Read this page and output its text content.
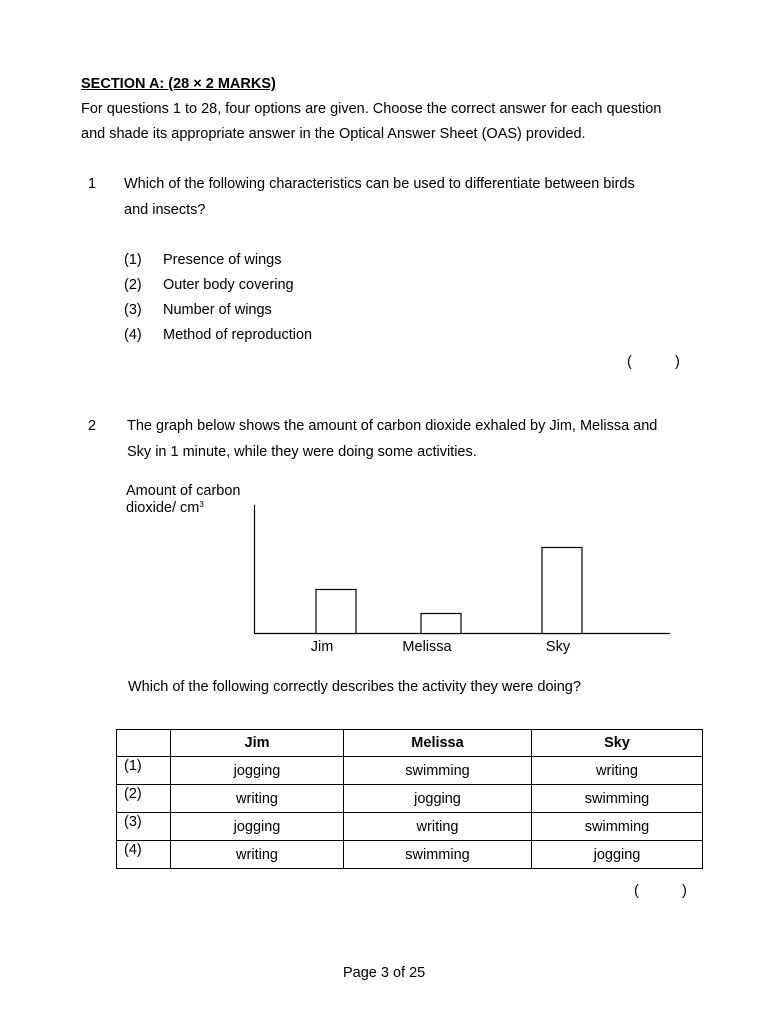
SECTION A: (28 × 2 MARKS)
For questions 1 to 28, four options are given. Choose the correct answer for each question
and shade its appropriate answer in the Optical Answer Sheet (OAS) provided.
1 Which of the following characteristics can be used to differentiate between birds
and insects?
(1) Presence of wings
(2) Outer body covering
(3) Number of wings
(4) Method of reproduction
(	)
2 The graph below shows the amount of carbon dioxide exhaled by Jim, Melissa and
Sky in 1 minute, while they were doing some activities.
Amount of carbon
dioxide/ $cm^3$
Jim	Melissa	Sky
Which of the following correctly describes the activity they were doing?
	Jim	Melissa	Sky
(1)	jogging	swimming	writing
(2)	writing	jogging	swimming
(3)	jogging	writing	swimming
(4)	writing	swimming	jogging
(	)
Page 3 of 25
